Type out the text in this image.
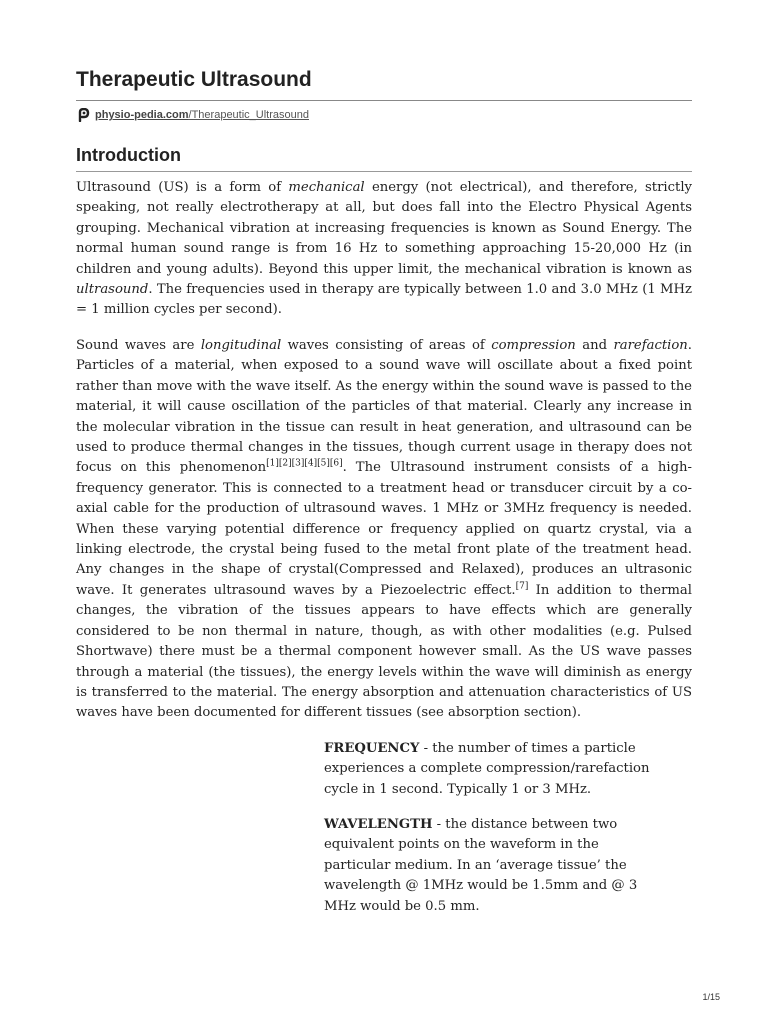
Therapeutic Ultrasound
physio-pedia.com /Therapeutic_Ultrasound
Introduction

Ultrasound (US) is a form of mechanical energy (not electrical), and therefore, strictly speaking, not really electrotherapy at all, but does fall into the Electro Physical Agents grouping. Mechanical vibration at increasing frequencies is known as Sound Energy. The normal human sound range is from 16 Hz to something approaching 15-20,000 Hz (in children and young adults). Beyond this upper limit, the mechanical vibration is known as ultrasound. The frequencies used in therapy are typically between 1.0 and 3.0 MHz (1 MHz = 1 million cycles per second).

Sound waves are longitudinal waves consisting of areas of compression and rarefaction. Particles of a material, when exposed to a sound wave will oscillate about a fixed point rather than move with the wave itself. As the energy within the sound wave is passed to the material, it will cause oscillation of the particles of that material. Clearly any increase in the molecular vibration in the tissue can result in heat generation, and ultrasound can be used to produce thermal changes in the tissues, though current usage in therapy does not focus on this phenomenon[1][2][3][4][5][6]. The Ultrasound instrument consists of a high-frequency generator. This is connected to a treatment head or transducer circuit by a co-axial cable for the production of ultrasound waves. 1 MHz or 3MHz frequency is needed. When these varying potential difference or frequency applied on quartz crystal, via a linking electrode, the crystal being fused to the metal front plate of the treatment head. Any changes in the shape of crystal(Compressed and Relaxed), produces an ultrasonic wave. It generates ultrasound waves by a Piezoelectric effect.[7] In addition to thermal changes, the vibration of the tissues appears to have effects which are generally considered to be non thermal in nature, though, as with other modalities (e.g. Pulsed Shortwave) there must be a thermal component however small. As the US wave passes through a material (the tissues), the energy levels within the wave will diminish as energy is transferred to the material. The energy absorption and attenuation characteristics of US waves have been documented for different tissues (see absorption section).

FREQUENCY - the number of times a particle experiences a complete compression/rarefaction cycle in 1 second. Typically 1 or 3 MHz.

WAVELENGTH - the distance between two equivalent points on the waveform in the particular medium. In an ‘average tissue’ the wavelength @ 1MHz would be 1.5mm and @ 3 MHz would be 0.5 mm.

1/15
